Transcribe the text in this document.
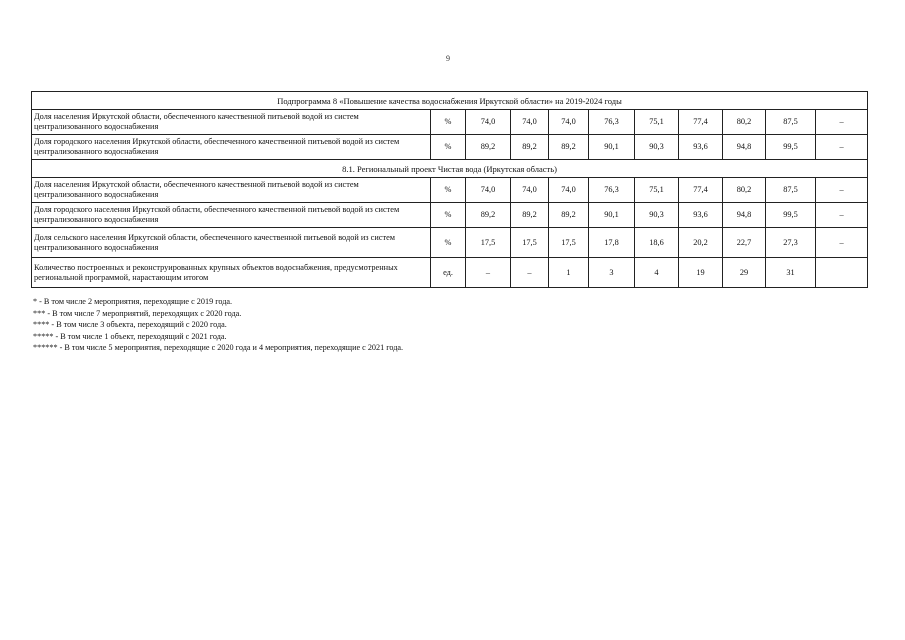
9
Подпрограмма 8 «Повышение качества водоснабжения Иркутской области» на 2019-2024 годы										
Доля населения Иркутской области, обеспеченного качественной питьевой водой из систем централизованного водоснабжения	%	74,0	74,0	74,0	76,3	75,1	77,4	80,2	87,5	–
Доля городского населения Иркутской области, обеспеченного качественной питьевой водой из систем централизованного водоснабжения	%	89,2	89,2	89,2	90,1	90,3	93,6	94,8	99,5	–
8.1. Региональный проект Чистая вода (Иркутская область)										
Доля населения Иркутской области, обеспеченного качественной питьевой водой из систем централизованного водоснабжения	%	74,0	74,0	74,0	76,3	75,1	77,4	80,2	87,5	–
Доля городского населения Иркутской области, обеспеченного качественной питьевой водой из систем централизованного водоснабжения	%	89,2	89,2	89,2	90,1	90,3	93,6	94,8	99,5	–
Доля сельского населения Иркутской области, обеспеченного качественной питьевой водой из систем централизованного водоснабжения	%	17,5	17,5	17,5	17,8	18,6	20,2	22,7	27,3	–
Количество построенных и реконструированных крупных объектов водоснабжения, предусмотренных региональной программой, нарастающим итогом	ед.	–	–	1	3	4	19	29	31	
* - В том числе 2 мероприятия, переходящие с 2019 года.
*** - В том числе 7 мероприятий, переходящих с 2020 года.
**** - В том числе 3 объекта, переходящий с 2020 года.
***** - В том числе 1 объект, переходящий с 2021 года.
****** - В том числе 5 мероприятия, переходящие с 2020 года и 4 мероприятия, переходящие с 2021 года.
